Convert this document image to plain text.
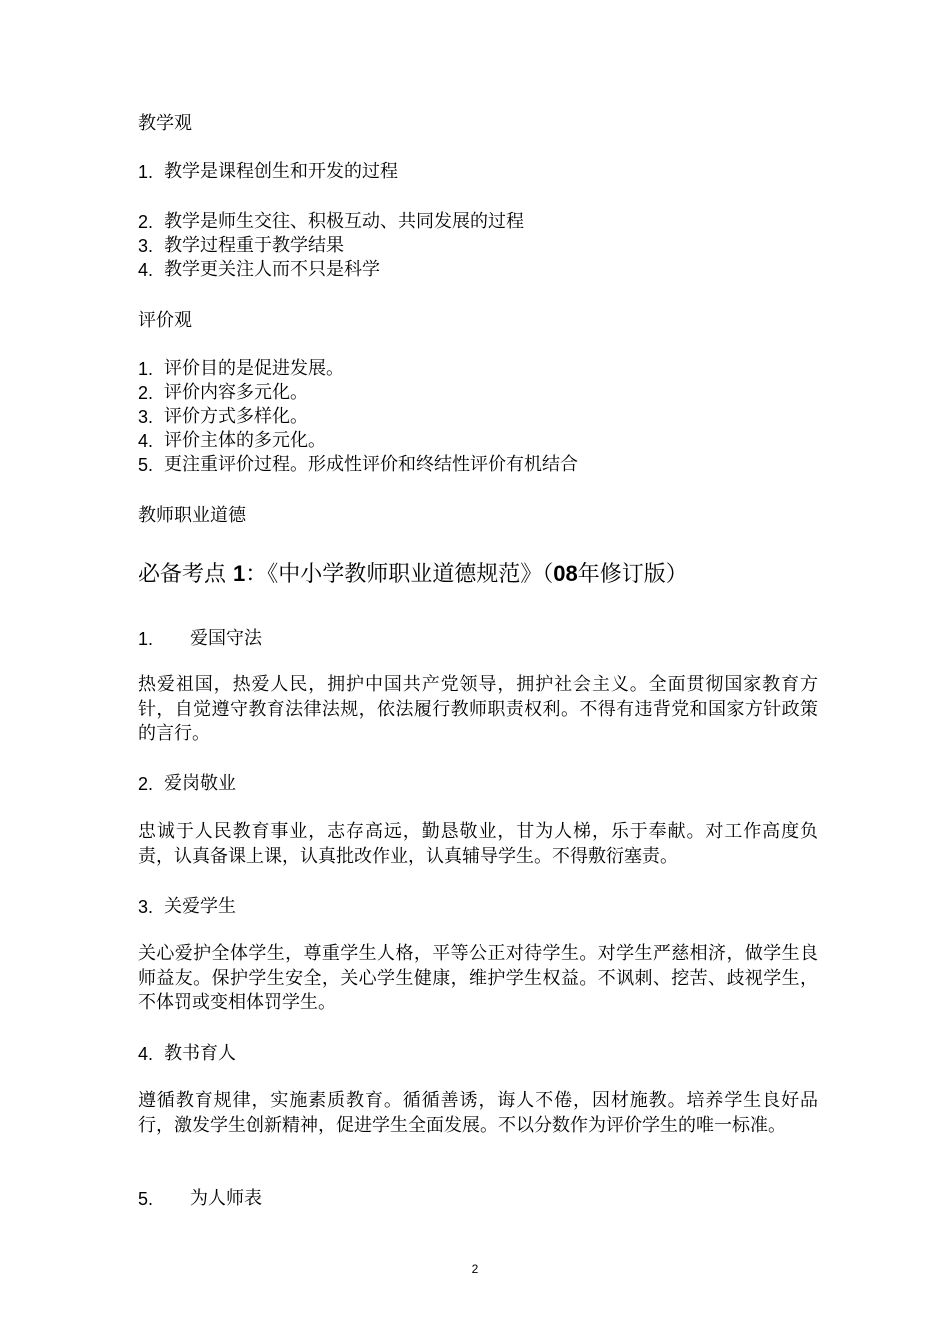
教学观
1. 教学是课程创生和开发的过程
2. 教学是师生交往、积极互动、共同发展的过程
3. 教学过程重于教学结果
4. 教学更关注人而不只是科学
评价观
1. 评价目的是促进发展。
2. 评价内容多元化。
3. 评价方式多样化。
4. 评价主体的多元化。
5. 更注重评价过程。形成性评价和终结性评价有机结合
教师职业道德
必备考点 1：《中小学教师职业道德规范》（08年修订版）
1.	爱国守法
热爱祖国，热爱人民，拥护中国共产党领导，拥护社会主义。全面贯彻国家教育方针，自觉遵守教育法律法规，依法履行教师职责权利。不得有违背党和国家方针政策的言行。
2. 爱岗敬业
忠诚于人民教育事业，志存高远，勤恳敬业，甘为人梯，乐于奉献。对工作高度负责，认真备课上课，认真批改作业，认真辅导学生。不得敷衍塞责。
3. 关爱学生
关心爱护全体学生，尊重学生人格，平等公正对待学生。对学生严慈相济，做学生良师益友。保护学生安全，关心学生健康，维护学生权益。不讽刺、挖苦、歧视学生，不体罚或变相体罚学生。
4. 教书育人
遵循教育规律，实施素质教育。循循善诱，诲人不倦，因材施教。培养学生良好品行，激发学生创新精神，促进学生全面发展。不以分数作为评价学生的唯一标准。
5.	为人师表
2
